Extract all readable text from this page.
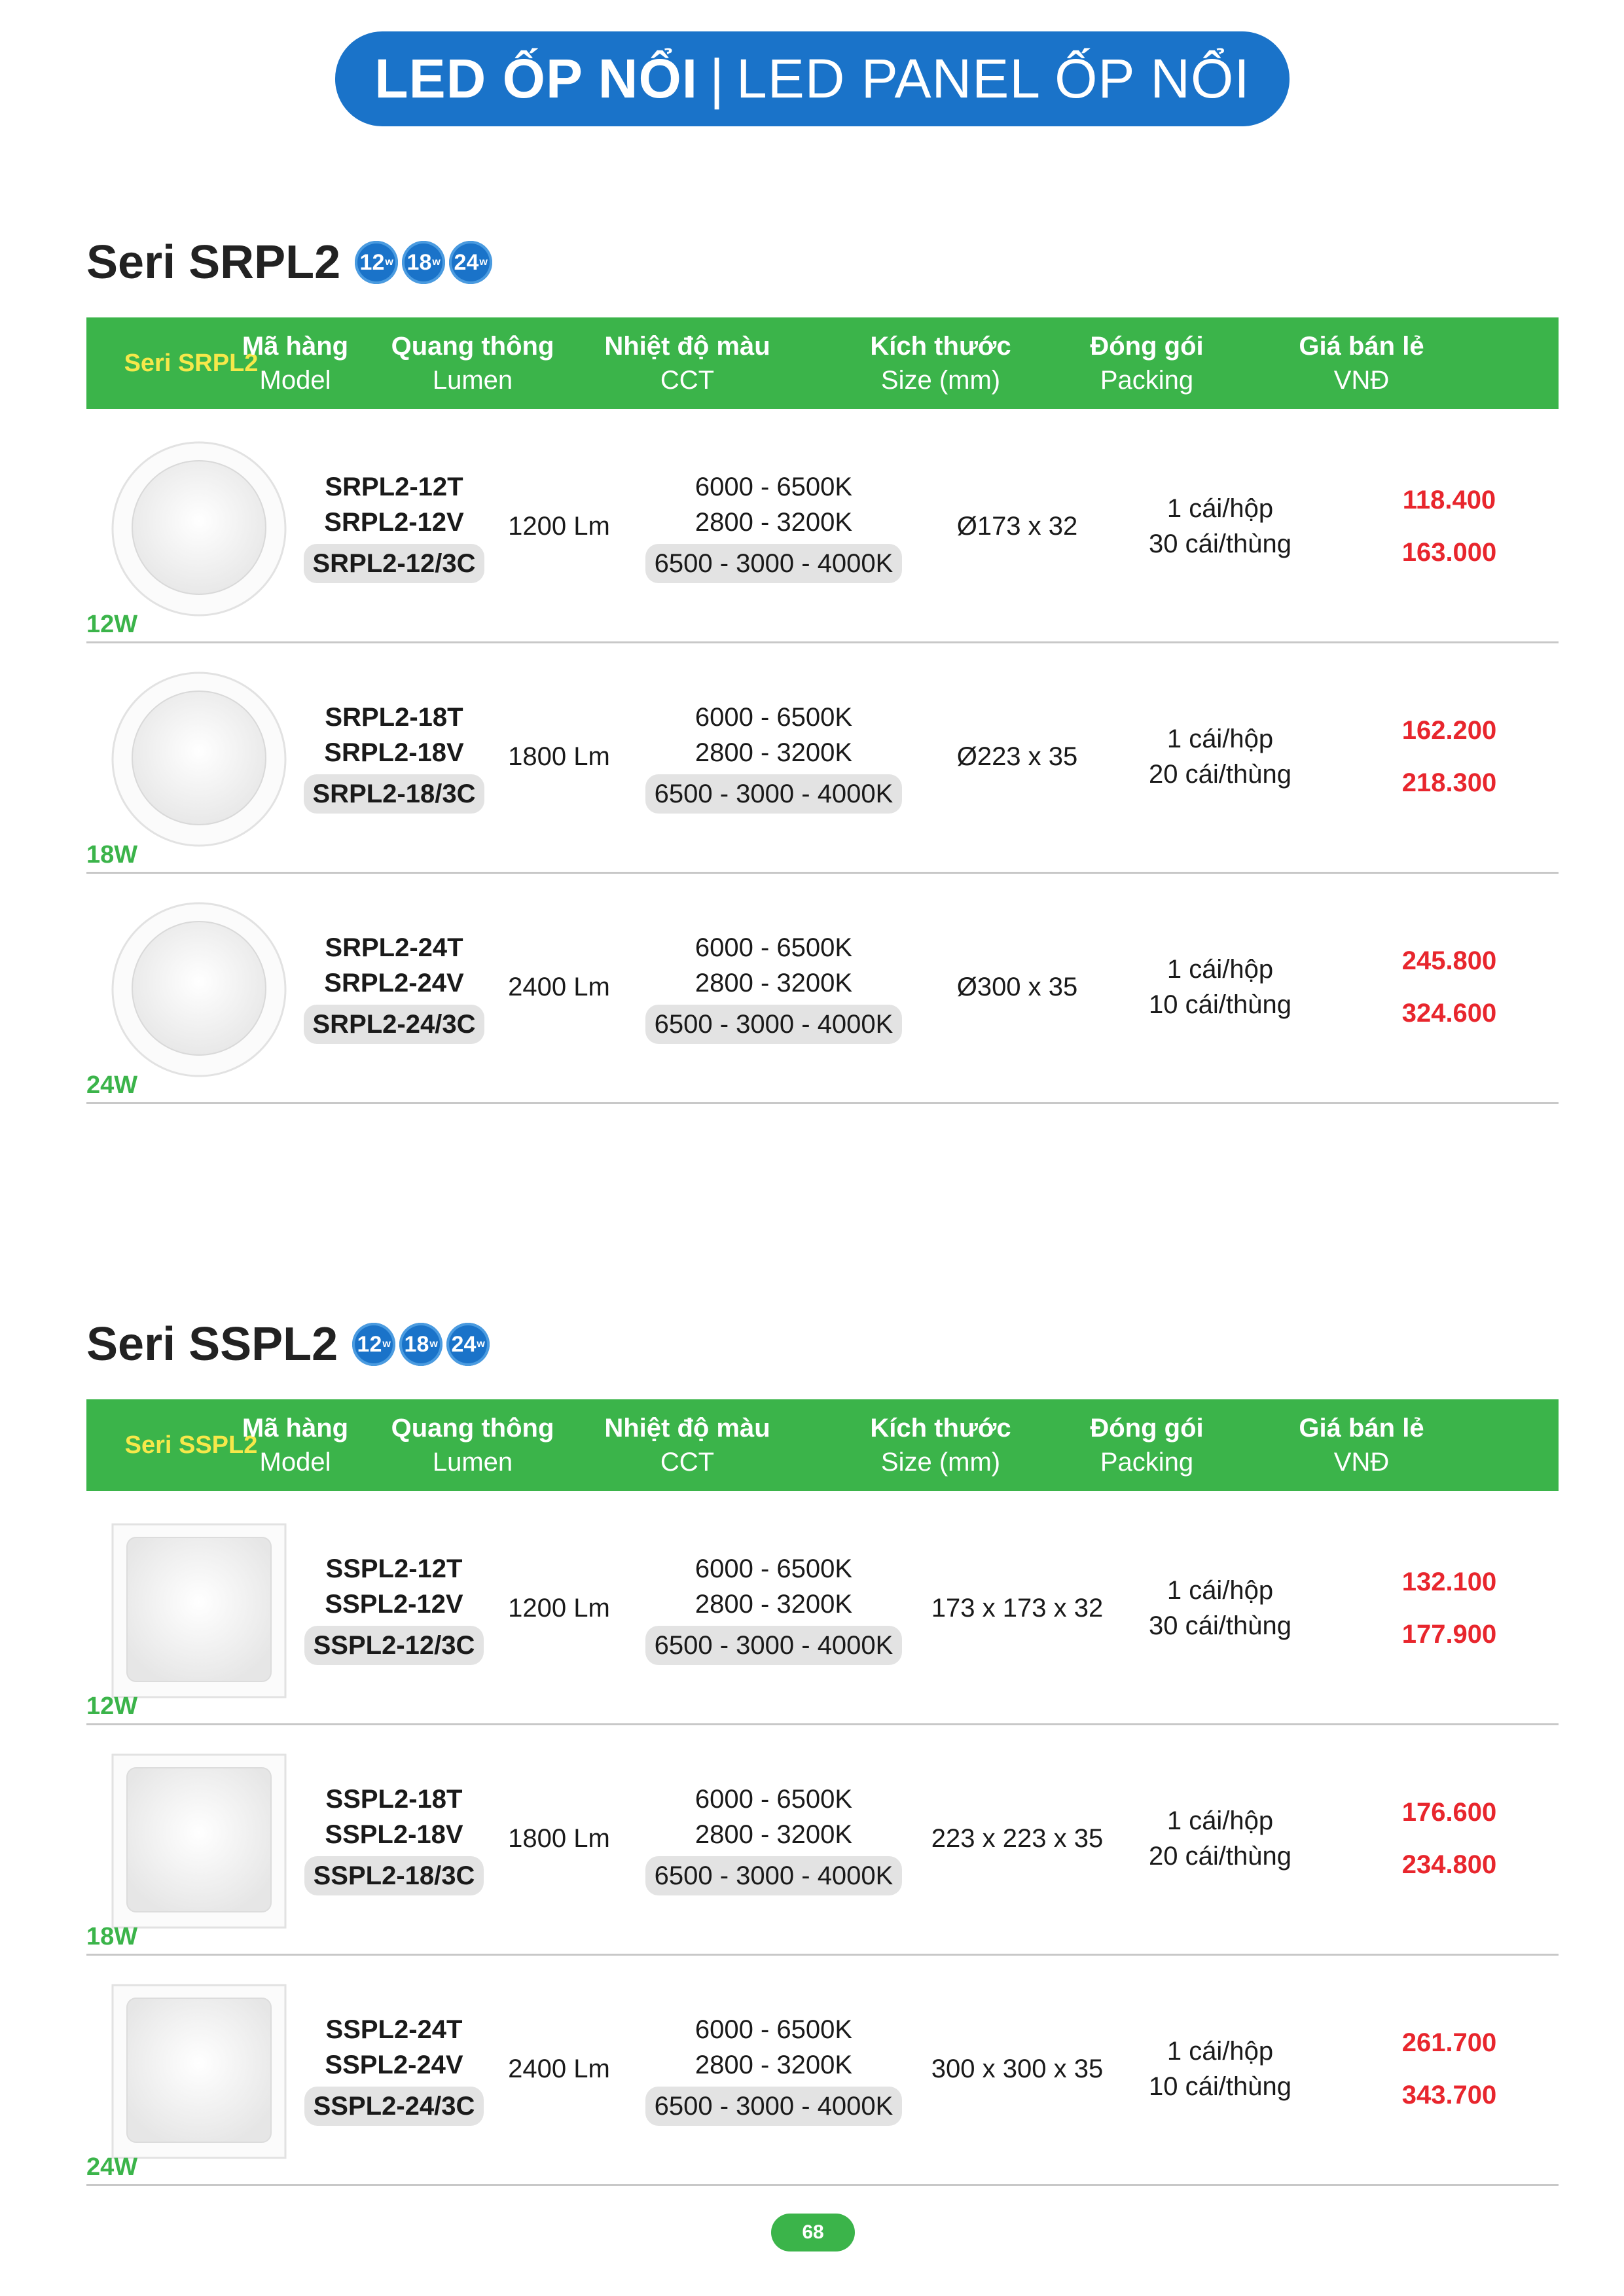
LED ỐP NỔI | LED PANEL ỐP NỔI
Seri SRPL2 12 w 18 w 24 w
Seri SRPL2
Mã hàng
Model
Quang thông
Lumen
Nhiệt độ màu
CCT
Kích thước
Size (mm)
Đóng gói
Packing
Giá bán lẻ
VNĐ
12W
SRPL2-12T
SRPL2-12V
SRPL2-12/3C
1200 Lm
6000 - 6500K
2800 - 3200K
6500 - 3000 - 4000K
Ø173 x 32
1 cái/hộp
30 cái/thùng
118.400
163.000
18W
SRPL2-18T
SRPL2-18V
SRPL2-18/3C
1800 Lm
6000 - 6500K
2800 - 3200K
6500 - 3000 - 4000K
Ø223 x 35
1 cái/hộp
20 cái/thùng
162.200
218.300
24W
SRPL2-24T
SRPL2-24V
SRPL2-24/3C
2400 Lm
6000 - 6500K
2800 - 3200K
6500 - 3000 - 4000K
Ø300 x 35
1 cái/hộp
10 cái/thùng
245.800
324.600
Seri SSPL2 12 w 18 w 24 w
Seri SSPL2
Mã hàng
Model
Quang thông
Lumen
Nhiệt độ màu
CCT
Kích thước
Size (mm)
Đóng gói
Packing
Giá bán lẻ
VNĐ
12W
SSPL2-12T
SSPL2-12V
SSPL2-12/3C
1200 Lm
6000 - 6500K
2800 - 3200K
6500 - 3000 - 4000K
173 x 173 x 32
1 cái/hộp
30 cái/thùng
132.100
177.900
18W
SSPL2-18T
SSPL2-18V
SSPL2-18/3C
1800 Lm
6000 - 6500K
2800 - 3200K
6500 - 3000 - 4000K
223 x 223 x 35
1 cái/hộp
20 cái/thùng
176.600
234.800
24W
SSPL2-24T
SSPL2-24V
SSPL2-24/3C
2400 Lm
6000 - 6500K
2800 - 3200K
6500 - 3000 - 4000K
300 x 300 x 35
1 cái/hộp
10 cái/thùng
261.700
343.700
68
